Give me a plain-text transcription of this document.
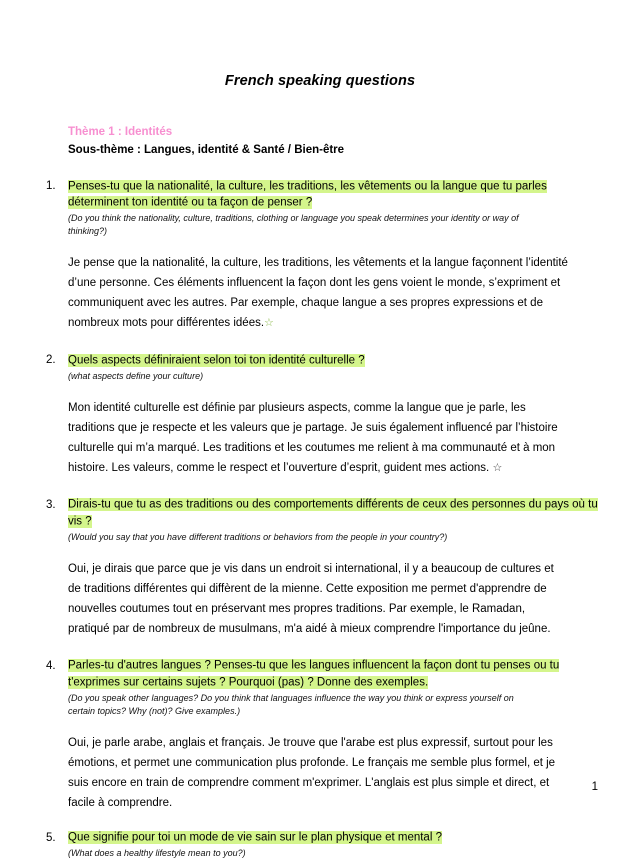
French speaking questions
Thème 1 : Identités
Sous-thème : Langues, identité & Santé / Bien-être
1. Penses-tu que la nationalité, la culture, les traditions, les vêtements ou la langue que tu parles déterminent ton identité ou ta façon de penser ?

(Do you think the nationality, culture, traditions, clothing or language you speak determines your identity or way of thinking?)

Je pense que la nationalité, la culture, les traditions, les vêtements et la langue façonnent l’identité d’une personne. Ces éléments influencent la façon dont les gens voient le monde, s’expriment et communiquent avec les autres. Par exemple, chaque langue a ses propres expressions et de nombreux mots pour différentes idées.☆

2. Quels aspects définiraient selon toi ton identité culturelle ?

(what aspects define your culture)

Mon identité culturelle est définie par plusieurs aspects, comme la langue que je parle, les traditions que je respecte et les valeurs que je partage. Je suis également influencé par l’histoire culturelle qui m’a marqué. Les traditions et les coutumes me relient à ma communauté et à mon histoire. Les valeurs, comme le respect et l’ouverture d’esprit, guident mes actions. ☆

3. Dirais-tu que tu as des traditions ou des comportements différents de ceux des personnes du pays où tu vis ?

(Would you say that you have different traditions or behaviors from the people in your country?)

Oui, je dirais que parce que je vis dans un endroit si international, il y a beaucoup de cultures et de traditions différentes qui diffèrent de la mienne. Cette exposition me permet d'apprendre de nouvelles coutumes tout en préservant mes propres traditions. Par exemple, le Ramadan, pratiqué par de nombreux de musulmans, m'a aidé à mieux comprendre l'importance du jeûne.

4. Parles-tu d'autres langues ? Penses-tu que les langues influencent la façon dont tu penses ou tu t'exprimes sur certains sujets ? Pourquoi (pas) ? Donne des exemples.

(Do you speak other languages? Do you think that languages influence the way you think or express yourself on certain topics? Why (not)? Give examples.)

Oui, je parle arabe, anglais et français. Je trouve que l'arabe est plus expressif, surtout pour les émotions, et permet une communication plus profonde. Le français me semble plus formel, et je suis encore en train de comprendre comment m'exprimer. L'anglais est plus simple et direct, et facile à comprendre.

5. Que signifie pour toi un mode de vie sain sur le plan physique et mental ?

(What does a healthy lifestyle mean to you?)

1
